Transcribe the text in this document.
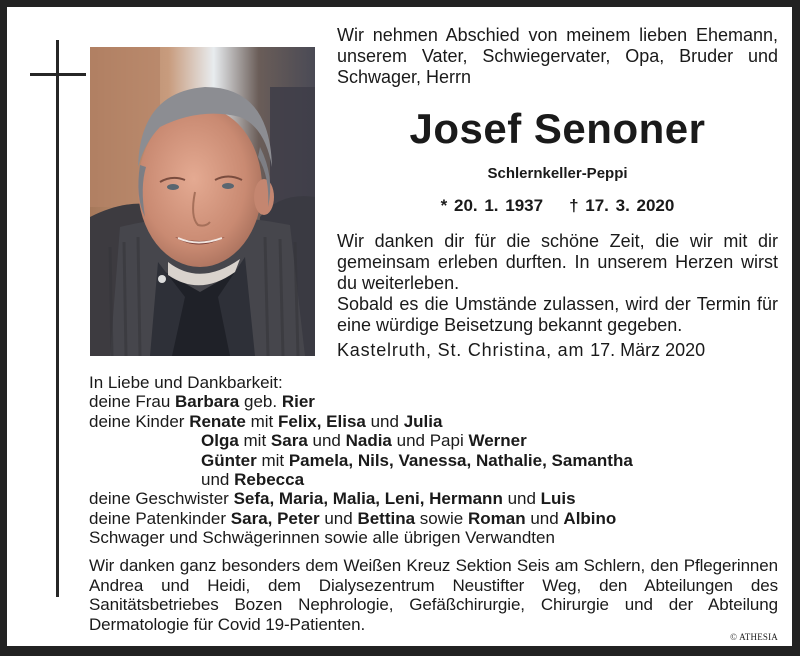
Wir nehmen Abschied von meinem lieben Ehemann, unserem Vater, Schwiegervater, Opa, Bruder und Schwager, Herrn
Josef Senoner
Schlernkeller-Peppi
* 20. 1. 1937 † 17. 3. 2020

Wir danken dir für die schöne Zeit, die wir mit dir gemeinsam erleben durften. In unserem Herzen wirst du weiterleben.

Sobald es die Umstände zulassen, wird der Termin für eine würdige Beisetzung bekannt gegeben.

Kastelruth, St. Christina, am 17. März 2020
In Liebe und Dankbarkeit:
deine Frau Barbara geb. Rier
deine Kinder Renate mit Felix, Elisa und Julia
Olga mit Sara und Nadia und Papi Werner
Günter mit Pamela, Nils, Vanessa, Nathalie, Samantha
und Rebecca
deine Geschwister Sefa, Maria, Malia, Leni, Hermann und Luis
deine Patenkinder Sara, Peter und Bettina sowie Roman und Albino
Schwager und Schwägerinnen sowie alle übrigen Verwandten
Wir danken ganz besonders dem Weißen Kreuz Sektion Seis am Schlern, den Pflegerinnen Andrea und Heidi, dem Dialysezentrum Neustifter Weg, den Abteilungen des Sanitätsbetriebes Bozen Nephrologie, Gefäßchirurgie, Chirurgie und der Abteilung Dermatologie für Covid 19-Patienten.
© ATHESIA
